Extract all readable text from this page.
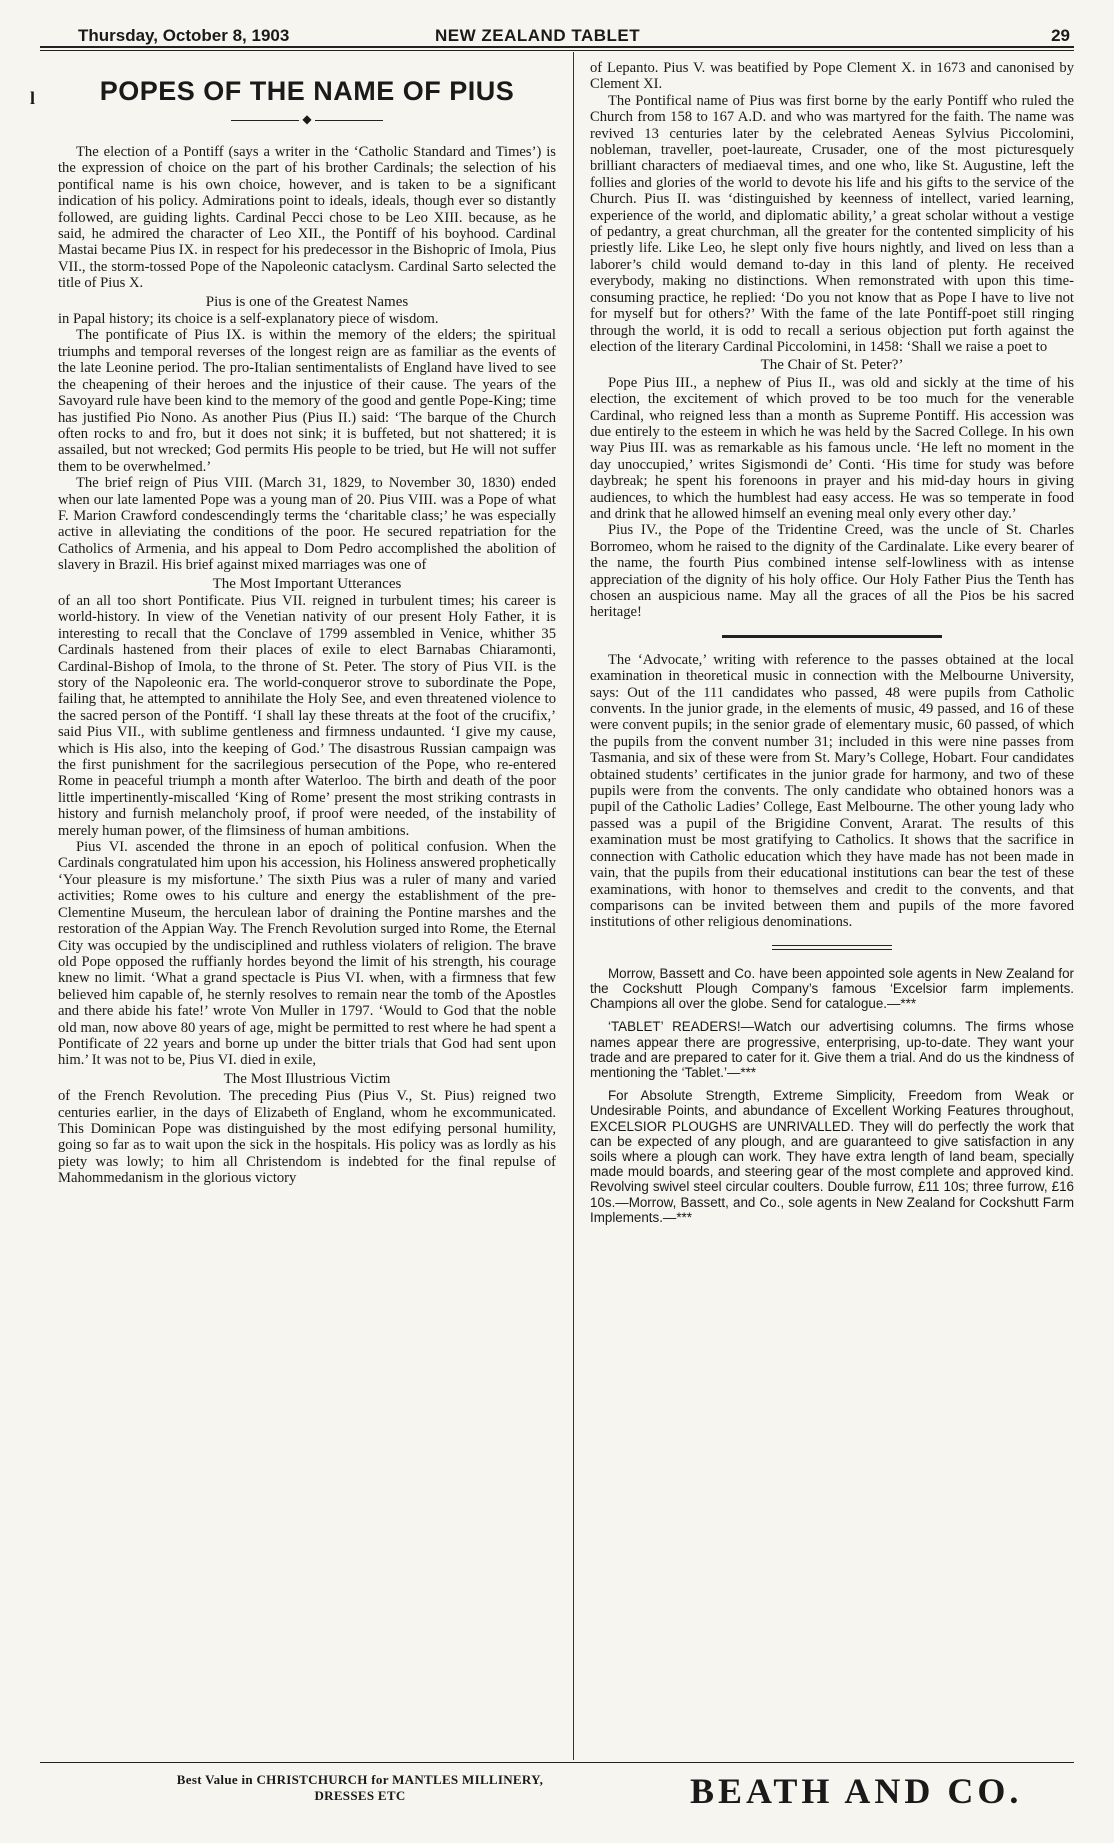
Thursday, October 8, 1903	NEW ZEALAND TABLET	29
l	POPES OF THE NAME OF PIUS
◆

The election of a Pontiff (says a writer in the ‘Catholic Standard and Times’) is the expression of choice on the part of his brother Cardinals; the selection of his pontifical name is his own choice, however, and is taken to be a significant indication of his policy. Admirations point to ideals, ideals, though ever so distantly followed, are guiding lights. Cardinal Pecci chose to be Leo XIII. because, as he said, he admired the character of Leo XII., the Pontiff of his boyhood. Cardinal Mastai became Pius IX. in respect for his predecessor in the Bishopric of Imola, Pius VII., the storm-tossed Pope of the Napoleonic cataclysm. Cardinal Sarto selected the title of Pius X.

Pius is one of the Greatest Names

in Papal history; its choice is a self-explanatory piece of wisdom.

The pontificate of Pius IX. is within the memory of the elders; the spiritual triumphs and temporal reverses of the longest reign are as familiar as the events of the late Leonine period. The pro-Italian sentimentalists of England have lived to see the cheapening of their heroes and the injustice of their cause. The years of the Savoyard rule have been kind to the memory of the good and gentle Pope-King; time has justified Pio Nono. As another Pius (Pius II.) said: ‘The barque of the Church often rocks to and fro, but it does not sink; it is buffeted, but not shattered; it is assailed, but not wrecked; God permits His people to be tried, but He will not suffer them to be overwhelmed.’

The brief reign of Pius VIII. (March 31, 1829, to November 30, 1830) ended when our late lamented Pope was a young man of 20. Pius VIII. was a Pope of what F. Marion Crawford condescendingly terms the ‘charitable class;’ he was especially active in alleviating the conditions of the poor. He secured repatriation for the Catholics of Armenia, and his appeal to Dom Pedro accomplished the abolition of slavery in Brazil. His brief against mixed marriages was one of

The Most Important Utterances

of an all too short Pontificate. Pius VII. reigned in turbulent times; his career is world-history. In view of the Venetian nativity of our present Holy Father, it is interesting to recall that the Conclave of 1799 assembled in Venice, whither 35 Cardinals hastened from their places of exile to elect Barnabas Chiaramonti, Cardinal-Bishop of Imola, to the throne of St. Peter. The story of Pius VII. is the story of the Napoleonic era. The world-conqueror strove to subordinate the Pope, failing that, he attempted to annihilate the Holy See, and even threatened violence to the sacred person of the Pontiff. ‘I shall lay these threats at the foot of the crucifix,’ said Pius VII., with sublime gentleness and firmness undaunted. ‘I give my cause, which is His also, into the keeping of God.’ The disastrous Russian campaign was the first punishment for the sacrilegious persecution of the Pope, who re-entered Rome in peaceful triumph a month after Waterloo. The birth and death of the poor little impertinently-miscalled ‘King of Rome’ present the most striking contrasts in history and furnish melancholy proof, if proof were needed, of the instability of merely human power, of the flimsiness of human ambitions.

Pius VI. ascended the throne in an epoch of political confusion. When the Cardinals congratulated him upon his accession, his Holiness answered prophetically ‘Your pleasure is my misfortune.’ The sixth Pius was a ruler of many and varied activities; Rome owes to his culture and energy the establishment of the pre-Clementine Museum, the herculean labor of draining the Pontine marshes and the restoration of the Appian Way. The French Revolution surged into Rome, the Eternal City was occupied by the undisciplined and ruthless violaters of religion. The brave old Pope opposed the ruffianly hordes beyond the limit of his strength, his courage knew no limit. ‘What a grand spectacle is Pius VI. when, with a firmness that few believed him capable of, he sternly resolves to remain near the tomb of the Apostles and there abide his fate!’ wrote Von Muller in 1797. ‘Would to God that the noble old man, now above 80 years of age, might be permitted to rest where he had spent a Pontificate of 22 years and borne up under the bitter trials that God had sent upon him.’ It was not to be, Pius VI. died in exile,

The Most Illustrious Victim

of the French Revolution. The preceding Pius (Pius V., St. Pius) reigned two centuries earlier, in the days of Elizabeth of England, whom he excommunicated. This Dominican Pope was distinguished by the most edifying personal humility, going so far as to wait upon the sick in the hospitals. His policy was as lordly as his piety was lowly; to him all Christendom is indebted for the final repulse of Mahommedanism in the glorious victory

of Lepanto. Pius V. was beatified by Pope Clement X. in 1673 and canonised by Clement XI.

The Pontifical name of Pius was first borne by the early Pontiff who ruled the Church from 158 to 167 A.D. and who was martyred for the faith. The name was revived 13 centuries later by the celebrated Aeneas Sylvius Piccolomini, nobleman, traveller, poet-laureate, Crusader, one of the most picturesquely brilliant characters of mediaeval times, and one who, like St. Augustine, left the follies and glories of the world to devote his life and his gifts to the service of the Church. Pius II. was ‘distinguished by keenness of intellect, varied learning, experience of the world, and diplomatic ability,’ a great scholar without a vestige of pedantry, a great churchman, all the greater for the contented simplicity of his priestly life. Like Leo, he slept only five hours nightly, and lived on less than a laborer’s child would demand to-day in this land of plenty. He received everybody, making no distinctions. When remonstrated with upon this time-consuming practice, he replied: ‘Do you not know that as Pope I have to live not for myself but for others?’ With the fame of the late Pontiff-poet still ringing through the world, it is odd to recall a serious objection put forth against the election of the literary Cardinal Piccolomini, in 1458: ‘Shall we raise a poet to

The Chair of St. Peter?’

Pope Pius III., a nephew of Pius II., was old and sickly at the time of his election, the excitement of which proved to be too much for the venerable Cardinal, who reigned less than a month as Supreme Pontiff. His accession was due entirely to the esteem in which he was held by the Sacred College. In his own way Pius III. was as remarkable as his famous uncle. ‘He left no moment in the day unoccupied,’ writes Sigismondi de’ Conti. ‘His time for study was before daybreak; he spent his forenoons in prayer and his mid-day hours in giving audiences, to which the humblest had easy access. He was so temperate in food and drink that he allowed himself an evening meal only every other day.’

Pius IV., the Pope of the Tridentine Creed, was the uncle of St. Charles Borromeo, whom he raised to the dignity of the Cardinalate. Like every bearer of the name, the fourth Pius combined intense self-lowliness with as intense appreciation of the dignity of his holy office. Our Holy Father Pius the Tenth has chosen an auspicious name. May all the graces of all the Pios be his sacred heritage!

The ‘Advocate,’ writing with reference to the passes obtained at the local examination in theoretical music in connection with the Melbourne University, says: Out of the 111 candidates who passed, 48 were pupils from Catholic convents. In the junior grade, in the elements of music, 49 passed, and 16 of these were convent pupils; in the senior grade of elementary music, 60 passed, of which the pupils from the convent number 31; included in this were nine passes from Tasmania, and six of these were from St. Mary’s College, Hobart. Four candidates obtained students’ certificates in the junior grade for harmony, and two of these pupils were from the convents. The only candidate who obtained honors was a pupil of the Catholic Ladies’ College, East Melbourne. The other young lady who passed was a pupil of the Brigidine Convent, Ararat. The results of this examination must be most gratifying to Catholics. It shows that the sacrifice in connection with Catholic education which they have made has not been made in vain, that the pupils from their educational institutions can bear the test of these examinations, with honor to themselves and credit to the convents, and that comparisons can be invited between them and pupils of the more favored institutions of other religious denominations.

Morrow, Bassett and Co. have been appointed sole agents in New Zealand for the Cockshutt Plough Company’s famous ‘Excelsior farm implements. Champions all over the globe. Send for catalogue.—***

‘TABLET’ READERS!—Watch our advertising columns. The firms whose names appear there are progressive, enterprising, up-to-date. They want your trade and are prepared to cater for it. Give them a trial. And do us the kindness of mentioning the ‘Tablet.’—***

For Absolute Strength, Extreme Simplicity, Freedom from Weak or Undesirable Points, and abundance of Excellent Working Features throughout, EXCELSIOR PLOUGHS are UNRIVALLED. They will do perfectly the work that can be expected of any plough, and are guaranteed to give satisfaction in any soils where a plough can work. They have extra length of land beam, specially made mould boards, and steering gear of the most complete and approved kind. Revolving swivel steel circular coulters. Double furrow, £11 10s; three furrow, £16 10s.—Morrow, Bassett, and Co., sole agents in New Zealand for Cockshutt Farm Implements.—***

Best Value in CHRISTCHURCH for MANTLES MILLINERY,
DRESSES ETC	BEATH AND CO.
